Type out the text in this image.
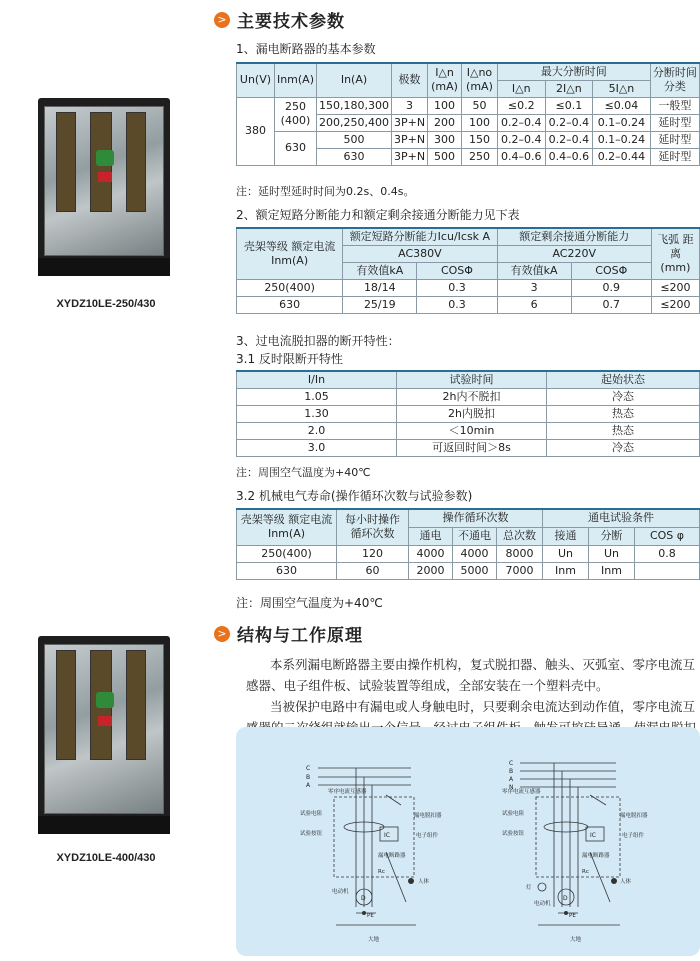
XYDZ10LE-250/430
XYDZ10LE-400/430
> 主要技术参数
1、漏电断路器的基本参数
Un(V)	Inm(A)	In(A)	极数	I△n (mA)	I△no (mA)	最大分断时间			分断时间 分类
						I△n	2I△n	5I△n	
380	250 (400)	150,180,300	3	100	50	≤0.2	≤0.1	≤0.04	一般型
		200,250,400	3P+N	200	100	0.2–0.4	0.2–0.4	0.1–0.24	延时型
	630	500	3P+N	300	150	0.2–0.4	0.2–0.4	0.1–0.24	延时型
		630	3P+N	500	250	0.4–0.6	0.4–0.6	0.2–0.44	延时型
注：延时型延时时间为0.2s、0.4s。
2、额定短路分断能力和额定剩余接通分断能力见下表
壳架等级 额定电流 Inm(A)	额定短路分断能力Icu/Icsk A		额定剩余接通分断能力		飞弧 距离 (mm)
	AC380V		AC220V		
	有效值kA	COSΦ	有效值kA	COSΦ	
250(400)	18/14	0.3	3	0.9	≤200
630	25/19	0.3	6	0.7	≤200
3、过电流脱扣器的断开特性：
3.1 反时限断开特性
I/In	试验时间	起始状态
1.05	2h内不脱扣	冷态
1.30	2h内脱扣	热态
2.0	＜10min	热态
3.0	可返回时间＞8s	冷态
注：周围空气温度为+40℃
3.2 机械电气寿命(操作循环次数与试验参数)
壳架等级 额定电流Inm(A)	每小时操作 循环次数	操作循环次数			通电试验条件		
		通电	不通电	总次数	接通	分断	COS φ
250(400)	120	4000	4000	8000	Un	Un	0.8
630	60	2000	5000	7000	Inm	Inm	
注：周围空气温度为+40℃
> 结构与工作原理
本系列漏电断路器主要由操作机构，复式脱扣器、触头、灭弧室、零序电流互感器、电子组件板、试验装置等组成，全部安装在一个塑料壳中。
当被保护电路中有漏电或人身触电时，只要剩余电流达到动作值，零序电流互
C
B
A
零序电流互感器
试验电阻
试验按钮
漏电脱扣器
IC	电子组件
漏电断路器
Rc
人体
电动机
D
PE
大地
C
B
A
N
零序电流互感器
试验电阻
试验按钮
漏电脱扣器
IC	电子组件
漏电断路器
灯
Rc
人体
电动机
D
PE
大地
